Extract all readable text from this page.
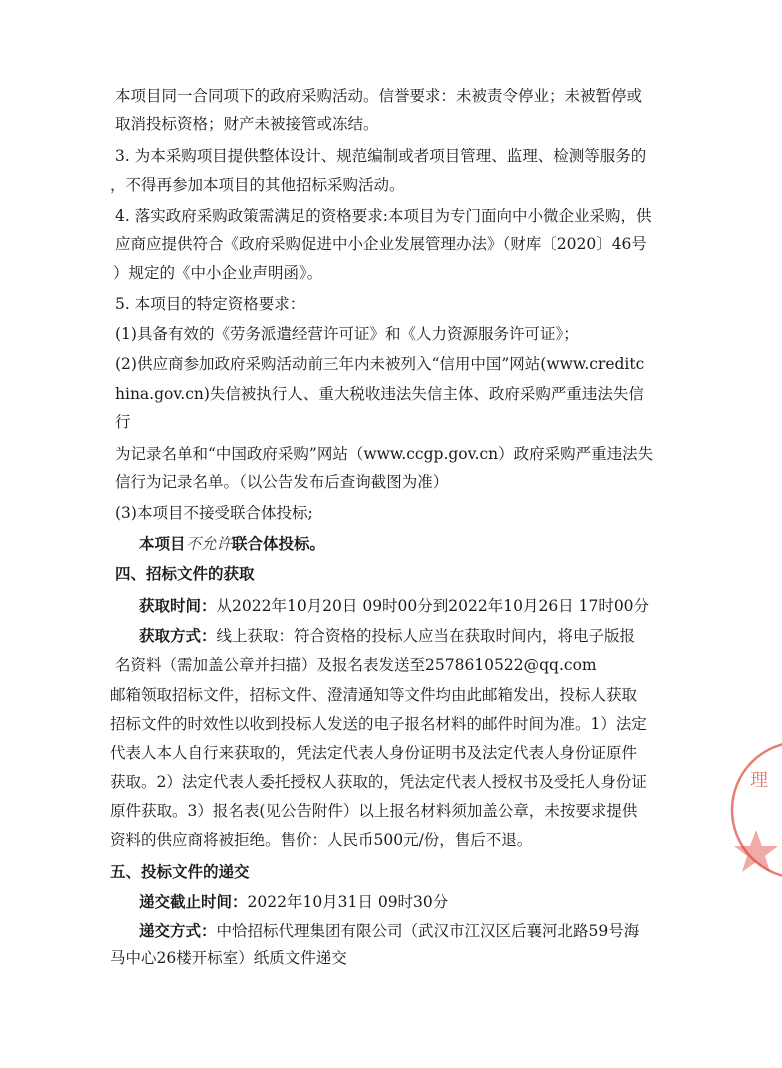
本项目同一合同项下的政府采购活动。信誉要求：未被责令停业；未被暂停或
取消投标资格；财产未被接管或冻结。
3. 为本采购项目提供整体设计、规范编制或者项目管理、监理、检测等服务的
，不得再参加本项目的其他招标采购活动。
4. 落实政府采购政策需满足的资格要求:本项目为专门面向中小微企业采购，供
应商应提供符合《政府采购促进中小企业发展管理办法》（财库〔2020〕46号
）规定的《中小企业声明函》。
5. 本项目的特定资格要求：
(1)具备有效的《劳务派遣经营许可证》和《人力资源服务许可证》；
(2)供应商参加政府采购活动前三年内未被列入“信用中国”网站(www.creditc
hina.gov.cn)失信被执行人、重大税收违法失信主体、政府采购严重违法失信
行
为记录名单和“中国政府采购”网站（www.ccgp.gov.cn）政府采购严重违法失
信行为记录名单。（以公告发布后查询截图为准）
(3)本项目不接受联合体投标;
本项目不允许联合体投标。
四、招标文件的获取
获取时间：从2022年10月20日 09时00分到2022年10月26日 17时00分
获取方式：线上获取：符合资格的投标人应当在获取时间内，将电子版报
名资料（需加盖公章并扫描）及报名表发送至2578610522@qq.com
邮箱领取招标文件，招标文件、澄清通知等文件均由此邮箱发出，投标人获取
招标文件的时效性以收到投标人发送的电子报名材料的邮件时间为准。1）法定
代表人本人自行来获取的，凭法定代表人身份证明书及法定代表人身份证原件
获取。2）法定代表人委托授权人获取的，凭法定代表人授权书及受托人身份证
原件获取。3）报名表(见公告附件）以上报名材料须加盖公章，未按要求提供
资料的供应商将被拒绝。售价：人民币500元/份，售后不退。
五、投标文件的递交
递交截止时间：2022年10月31日 09时30分
递交方式：中恰招标代理集团有限公司（武汉市江汉区后襄河北路59号海
马中心26楼开标室）纸质文件递交
理
